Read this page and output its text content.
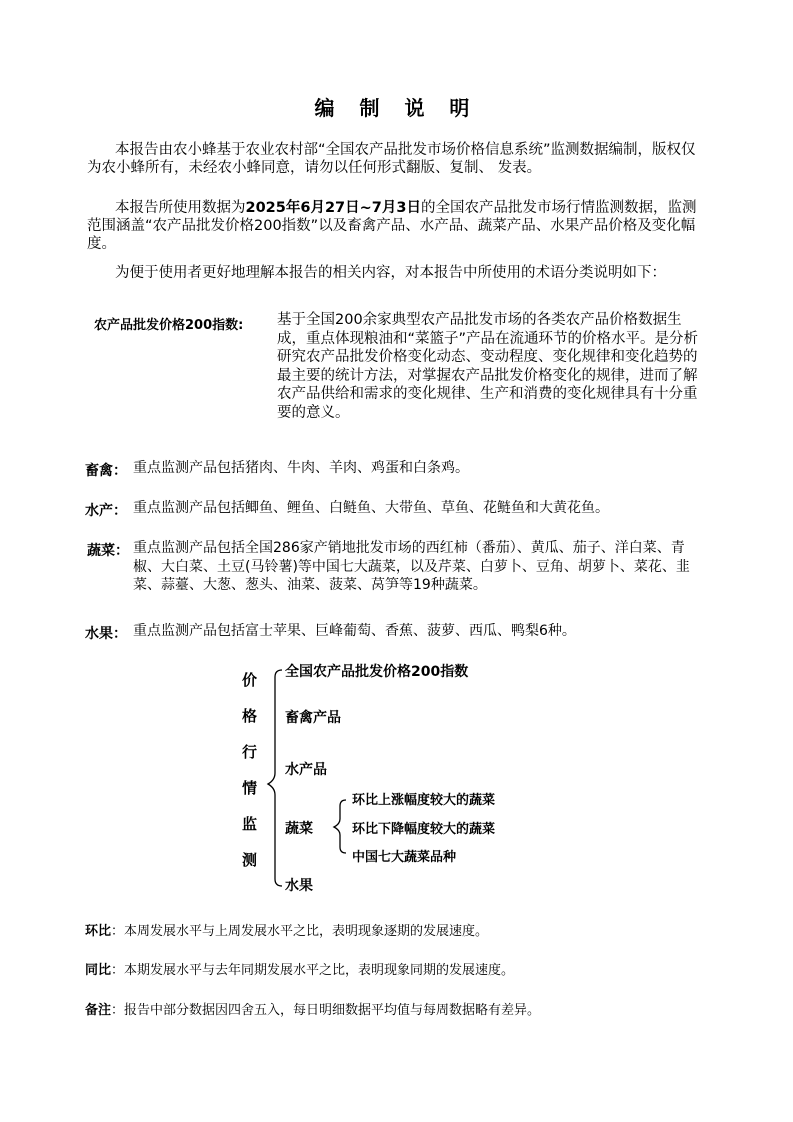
编 制 说 明
本报告由农小蜂基于农业农村部“全国农产品批发市场价格信息系统”监测数据编制，版权仅为农小蜂所有，未经农小蜂同意，请勿以任何形式翻版、复制、 发表。
本报告所使用数据为2025年6月27日~7月3日的全国农产品批发市场行情监测数据，监测范围涵盖“农产品批发价格200指数”以及畜禽产品、水产品、蔬菜产品、水果产品价格及变化幅度。
为便于使用者更好地理解本报告的相关内容，对本报告中所使用的术语分类说明如下：
农产品批发价格200指数: 基于全国200余家典型农产品批发市场的各类农产品价格数据生成，重点体现粮油和“菜篮子”产品在流通环节的价格水平。是分析研究农产品批发价格变化动态、变动程度、变化规律和变化趋势的最主要的统计方法，对掌握农产品批发价格变化的规律，进而了解农产品供给和需求的变化规律、生产和消费的变化规律具有十分重要的意义。
畜禽： 重点监测产品包括猪肉、牛肉、羊肉、鸡蛋和白条鸡。
水产： 重点监测产品包括鲫鱼、鲤鱼、白鲢鱼、大带鱼、草鱼、花鲢鱼和大黄花鱼。
蔬菜： 重点监测产品包括全国286家产销地批发市场的西红柿（番茄）、黄瓜、茄子、洋白菜、青椒、大白菜、土豆(马铃薯)等中国七大蔬菜，以及芹菜、白萝卜、豆角、胡萝卜、菜花、韭菜、蒜薹、大葱、葱头、油菜、菠菜、莴笋等19种蔬菜。
水果： 重点监测产品包括富士苹果、巨峰葡萄、香蕉、菠萝、西瓜、鸭梨6种。
价
格
行
情
监
测
全国农产品批发价格200指数
畜禽产品
水产品
蔬菜
水果
环比上涨幅度较大的蔬菜
环比下降幅度较大的蔬菜
中国七大蔬菜品种
环比：本周发展水平与上周发展水平之比，表明现象逐期的发展速度。
同比：本期发展水平与去年同期发展水平之比，表明现象同期的发展速度。
备注：报告中部分数据因四舍五入，每日明细数据平均值与每周数据略有差异。
